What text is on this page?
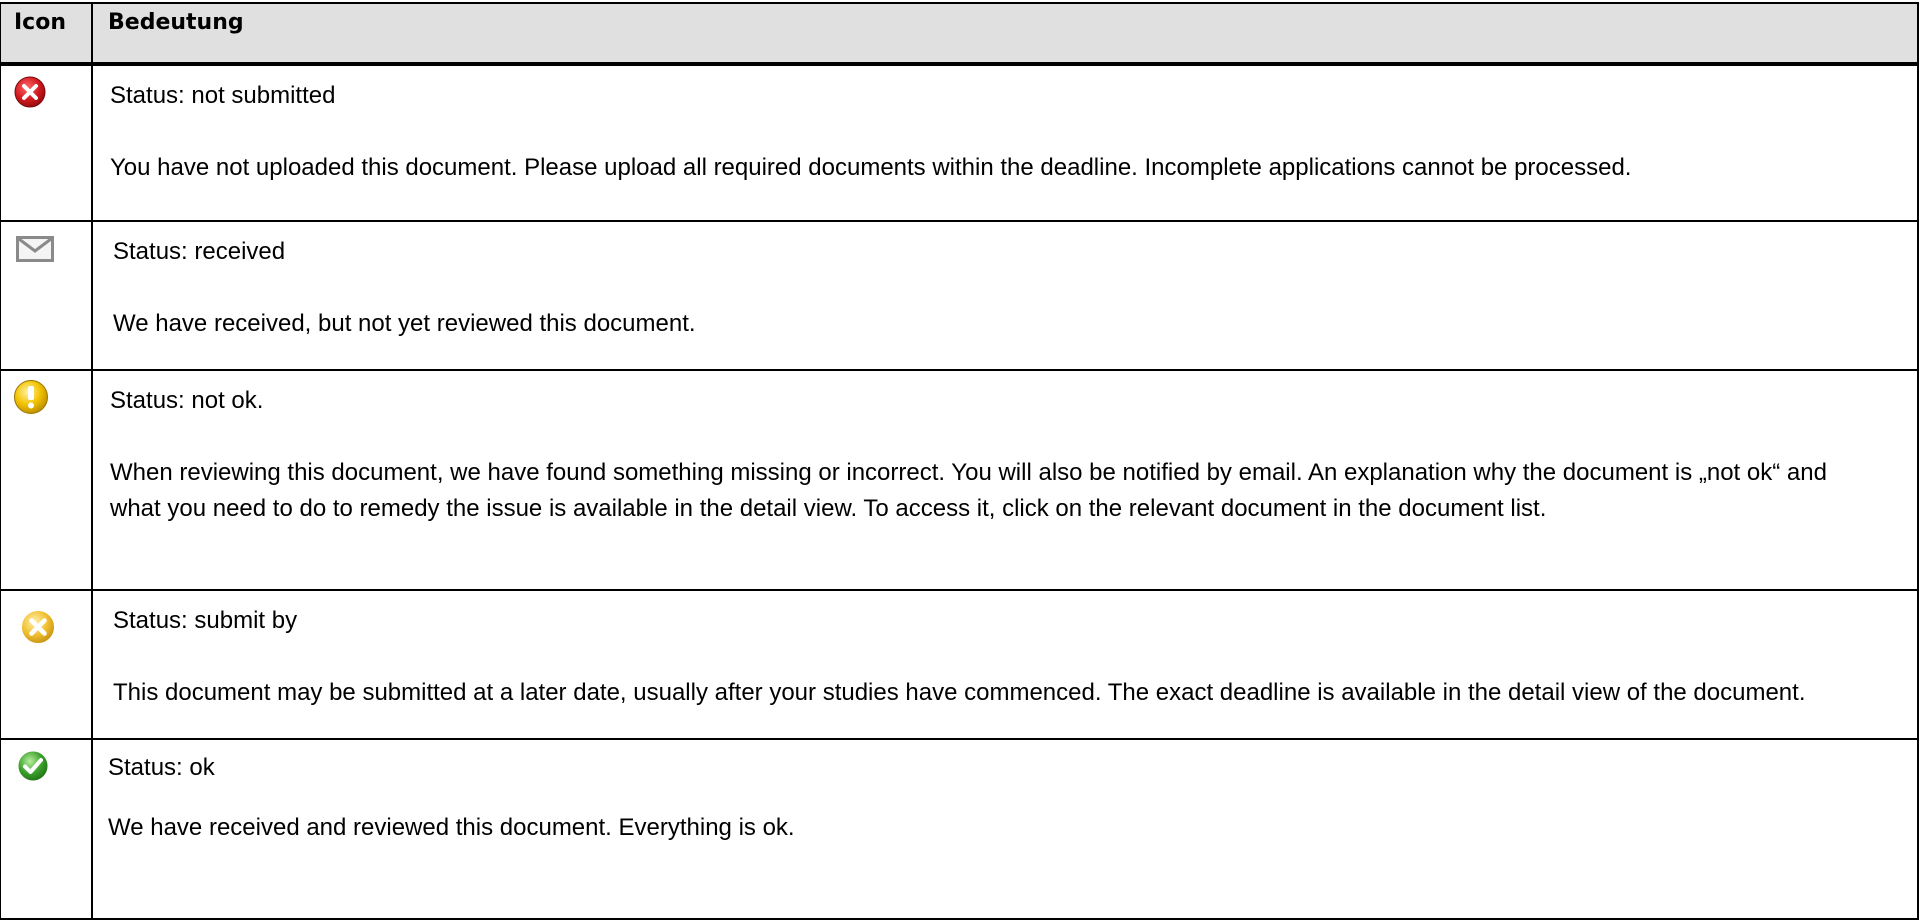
Icon	Bedeutung
Status: not submitted
You have not uploaded this document. Please upload all required documents within the deadline. Incomplete applications cannot be processed.
Status: received
We have received, but not yet reviewed this document.
Status: not ok.
When reviewing this document, we have found something missing or incorrect. You will also be notified by email. An explanation why the document is „not ok“ and what you need to do to remedy the issue is available in the detail view. To access it, click on the relevant document in the document list.
Status: submit by
This document may be submitted at a later date, usually after your studies have commenced. The exact deadline is available in the detail view of the document.
Status: ok
We have received and reviewed this document. Everything is ok.
